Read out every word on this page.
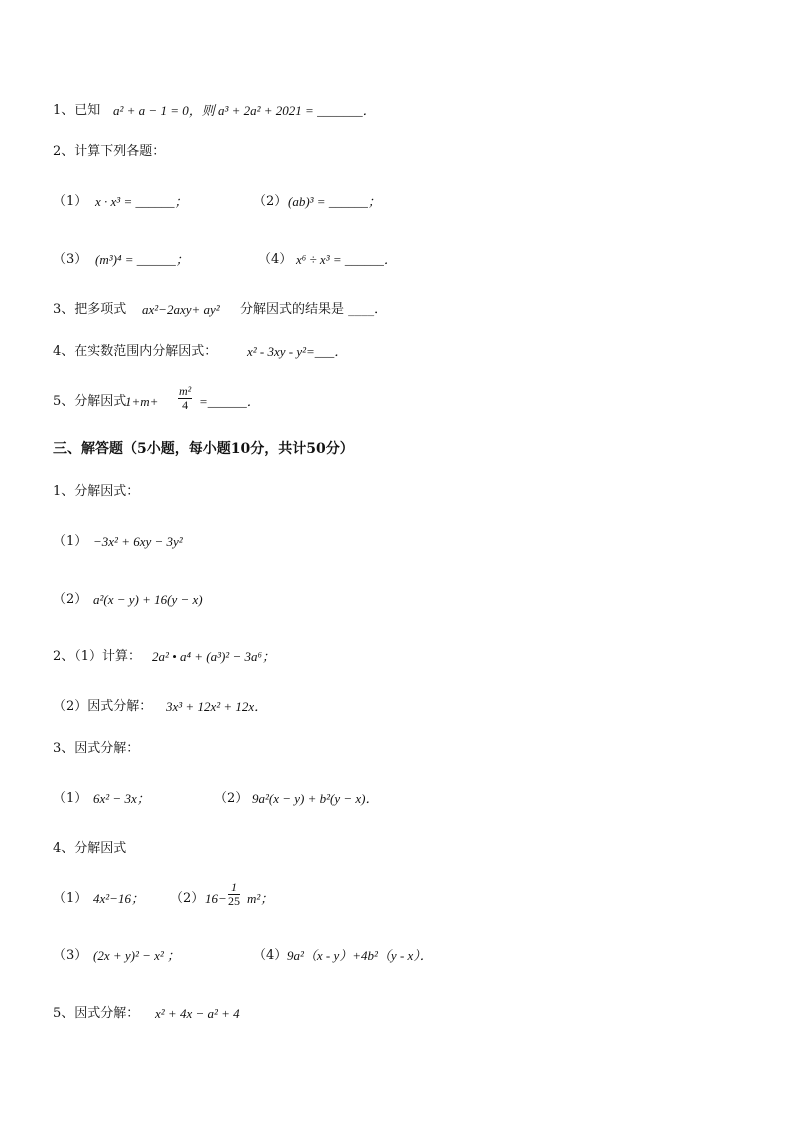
1、已知 a² + a − 1 = 0，则 a³ + 2a² + 2021 = _______．
2、计算下列各题：
（1） x · x³ = ______；	（2） (ab)³ = ______；
（3） (m³)⁴ = ______；	（4） x⁶ ÷ x³ = ______．
3、把多项式 ax²−2axy+ ay² 分解因式的结果是 ____．
4、在实数范围内分解因式： x² - 3xy - y²=___．
5、分解因式
$1+m+ \frac{\text{m²}}{4}$ =______．
三、解答题（5小题，每小题10分，共计50分）
1、分解因式：
（1） −3x² + 6xy − 3y²
（2） a²(x − y) + 16(y − x)
2、（1）计算： 2a² • a⁴ + (a³)² − 3a⁶；
（2）因式分解： 3x³ + 12x² + 12x．
3、因式分解：
（1） 6x² − 3x；	（2） 9a²(x − y) + b²(y − x)．
4、分解因式
（1） 4x²−16； （2） $16- \frac{1}{25} m^2$；
（3） (2x + y)² − x² ；	（4） 9a²（x - y）+4b²（y - x）．
5、因式分解： x² + 4x − a² + 4
